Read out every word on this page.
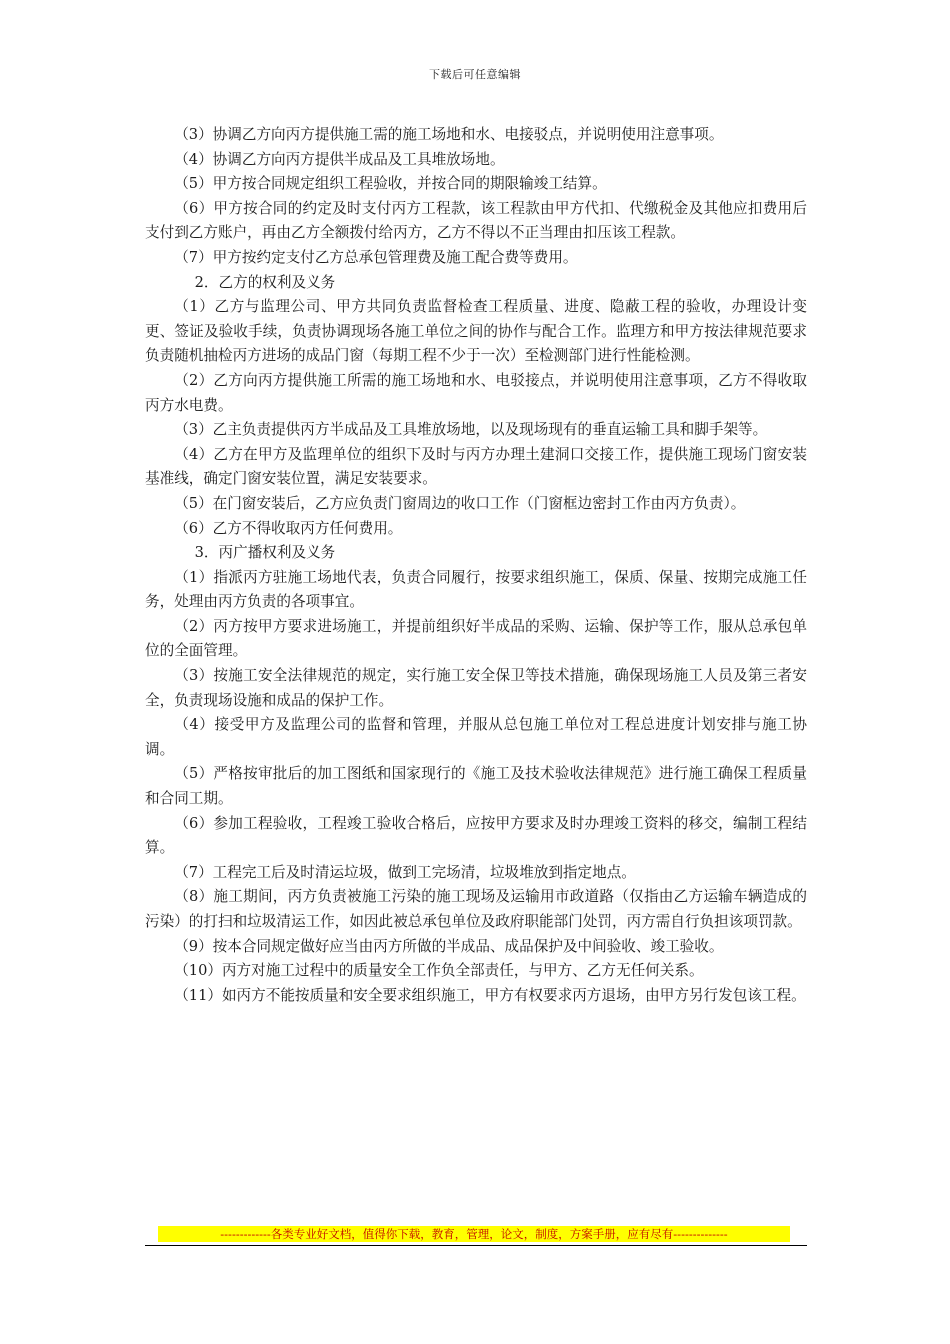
下载后可任意编辑

（3）协调乙方向丙方提供施工需的施工场地和水、电接驳点，并说明使用注意事项。

（4）协调乙方向丙方提供半成品及工具堆放场地。

（5）甲方按合同规定组织工程验收，并按合同的期限输竣工结算。

（6）甲方按合同的约定及时支付丙方工程款，该工程款由甲方代扣、代缴税金及其他应扣费用后支付到乙方账户，再由乙方全额拨付给丙方，乙方不得以不正当理由扣压该工程款。

（7）甲方按约定支付乙方总承包管理费及施工配合费等费用。

2．乙方的权利及义务

（1）乙方与监理公司、甲方共同负责监督检查工程质量、进度、隐蔽工程的验收，办理设计变更、签证及验收手续，负责协调现场各施工单位之间的协作与配合工作。监理方和甲方按法律规范要求负责随机抽检丙方进场的成品门窗（每期工程不少于一次）至检测部门进行性能检测。

（2）乙方向丙方提供施工所需的施工场地和水、电驳接点，并说明使用注意事项，乙方不得收取丙方水电费。

（3）乙主负责提供丙方半成品及工具堆放场地，以及现场现有的垂直运输工具和脚手架等。

（4）乙方在甲方及监理单位的组织下及时与丙方办理土建洞口交接工作，提供施工现场门窗安装基准线，确定门窗安装位置，满足安装要求。

（5）在门窗安装后，乙方应负责门窗周边的收口工作（门窗框边密封工作由丙方负责）。

（6）乙方不得收取丙方任何费用。

3．丙广播权利及义务

（1）指派丙方驻施工场地代表，负责合同履行，按要求组织施工，保质、保量、按期完成施工任务，处理由丙方负责的各项事宜。

（2）丙方按甲方要求进场施工，并提前组织好半成品的采购、运输、保护等工作，服从总承包单位的全面管理。

（3）按施工安全法律规范的规定，实行施工安全保卫等技术措施，确保现场施工人员及第三者安全，负责现场设施和成品的保护工作。

（4）接受甲方及监理公司的监督和管理，并服从总包施工单位对工程总进度计划安排与施工协调。

（5）严格按审批后的加工图纸和国家现行的《施工及技术验收法律规范》进行施工确保工程质量和合同工期。

（6）参加工程验收，工程竣工验收合格后，应按甲方要求及时办理竣工资料的移交，编制工程结算。

（7）工程完工后及时清运垃圾，做到工完场清，垃圾堆放到指定地点。

（8）施工期间，丙方负责被施工污染的施工现场及运输用市政道路（仅指由乙方运输车辆造成的污染）的打扫和垃圾清运工作，如因此被总承包单位及政府职能部门处罚，丙方需自行负担该项罚款。

（9）按本合同规定做好应当由丙方所做的半成品、成品保护及中间验收、竣工验收。

（10）丙方对施工过程中的质量安全工作负全部责任，与甲方、乙方无任何关系。

（11）如丙方不能按质量和安全要求组织施工，甲方有权要求丙方退场，由甲方另行发包该工程。

-------------各类专业好文档，值得你下载，教育，管理，论文，制度，方案手册，应有尽有--------------
